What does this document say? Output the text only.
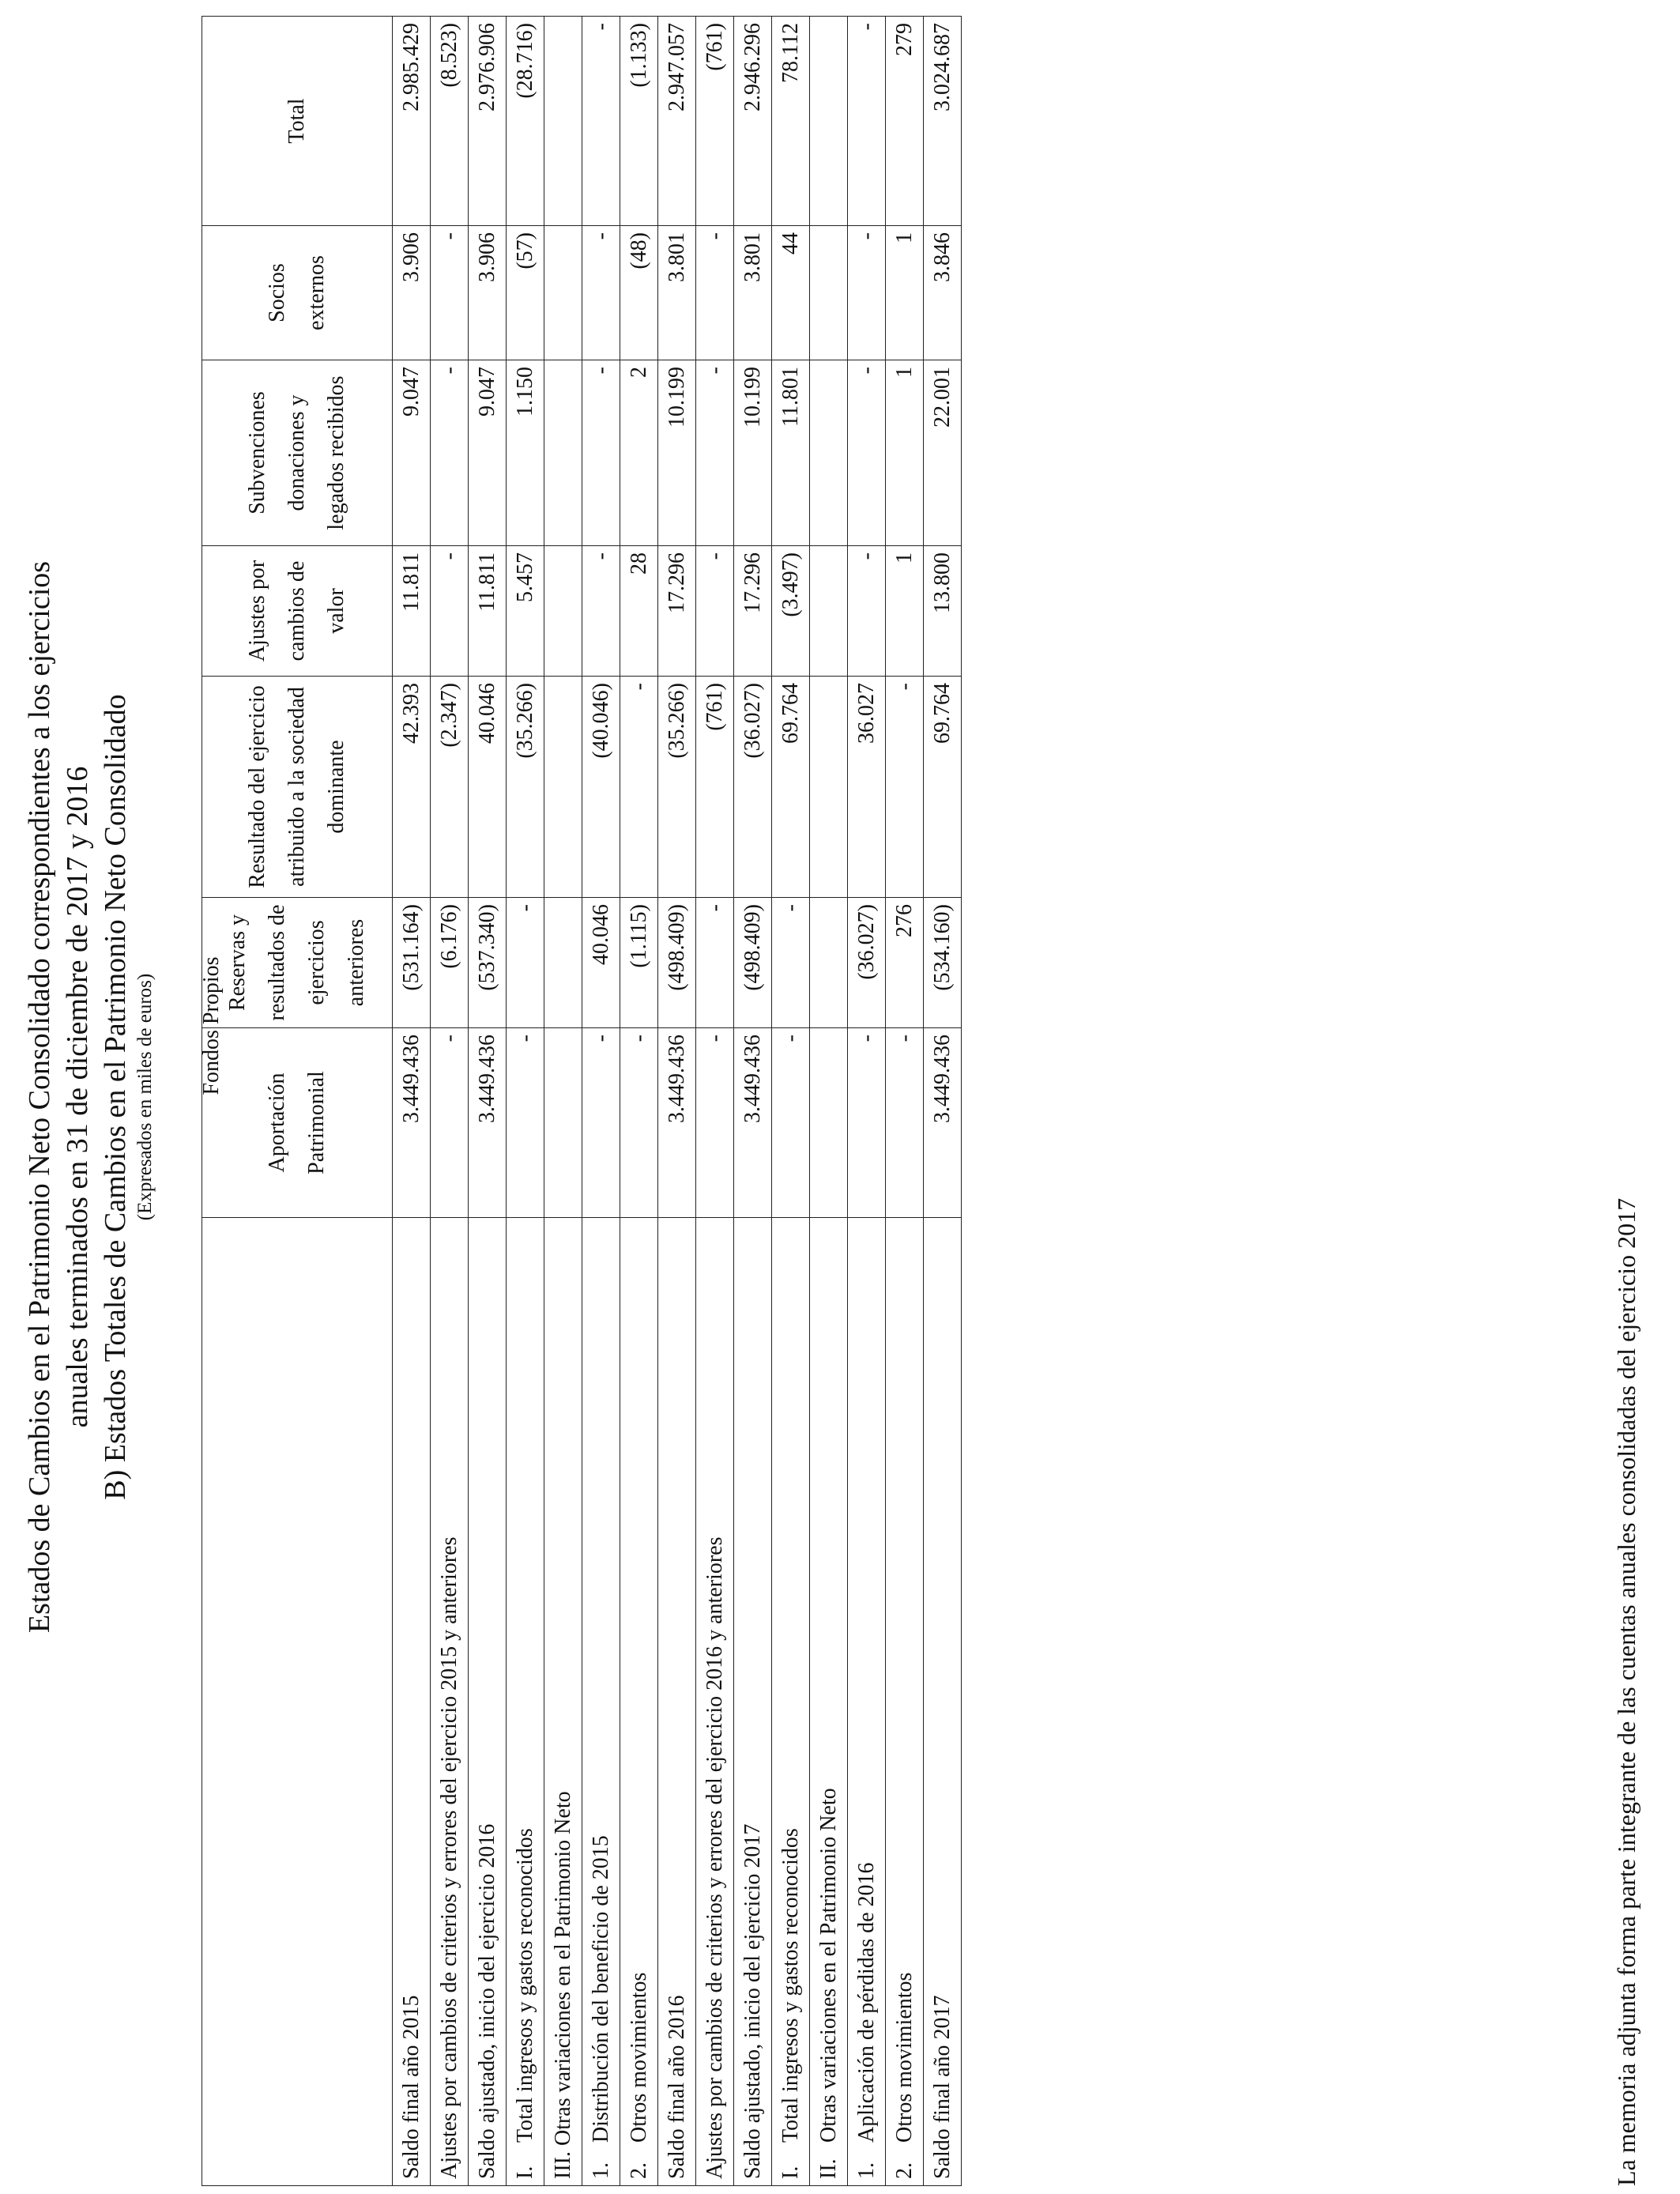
Estados de Cambios en el Patrimonio Neto Consolidado correspondientes a los ejercicios anuales terminados en 31 de diciembre de 2017 y 2016 B) Estados Totales de Cambios en el Patrimonio Neto Consolidado (Expresados en miles de euros)
		Aportación Patrimonial	Reservas y resultados de ejercicios anteriores	Resultado del ejercicio atribuido a la sociedad dominante	Ajustes por cambios de valor	Subvenciones donaciones y legados recibidos	Socios externos	Total
Saldo final año 2015	3.449.436	(531.164)	42.393	11.811	9.047	3.906	2.985.429
Ajustes por cambios de criterios y errores del ejercicio 2015 y anteriores	-	(6.176)	(2.347)	-	-	-	(8.523)
Saldo ajustado, inicio del ejercicio 2016	3.449.436	(537.340)	40.046	11.811	9.047	3.906	2.976.906
I.Total ingresos y gastos reconocidos	-	-	(35.266)	5.457	1.150	(57)	(28.716)
III. Otras variaciones en el Patrimonio Neto							
1.Distribución del beneficio de 2015	-	40.046	(40.046)	-	-	-	-
2.Otros movimientos	-	(1.115)	-	28	2	(48)	(1.133)
Saldo final año 2016	3.449.436	(498.409)	(35.266)	17.296	10.199	3.801	2.947.057
Ajustes por cambios de criterios y errores del ejercicio 2016 y anteriores	-	-	(761)	-	-	-	(761)
Saldo ajustado, inicio del ejercicio 2017	3.449.436	(498.409)	(36.027)	17.296	10.199	3.801	2.946.296
I.Total ingresos y gastos reconocidos	-	-	69.764	(3.497)	11.801	44	78.112
II.Otras variaciones en el Patrimonio Neto							
1.Aplicación de pérdidas de 2016	-	(36.027)	36.027	-	-	-	-
2.Otros movimientos	-	276	-	1	1	1	279
Saldo final año 2017	3.449.436	(534.160)	69.764	13.800	22.001	3.846	3.024.687
Fondos Propios
La memoria adjunta forma parte integrante de las cuentas anuales consolidadas del ejercicio 2017
